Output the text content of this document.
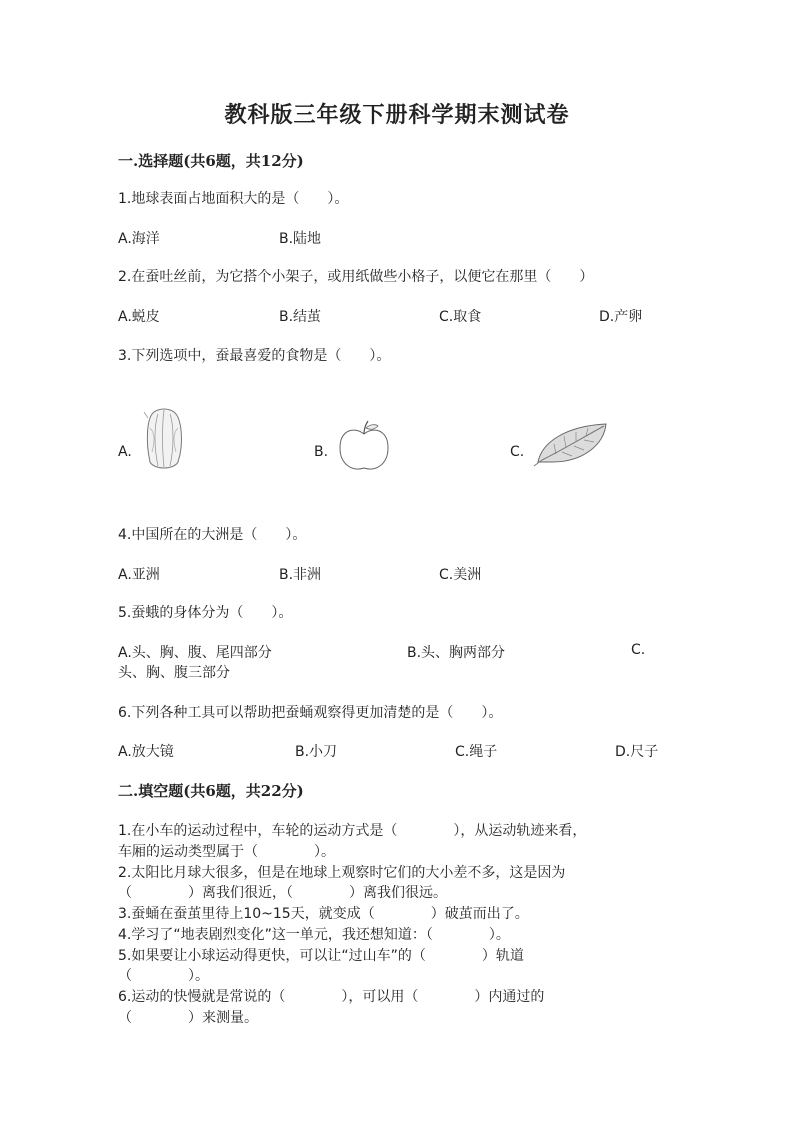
教科版三年级下册科学期末测试卷
一.选择题(共6题，共12分)
1.地球表面占地面积大的是（　　）。
A.海洋	B.陆地
2.在蚕吐丝前，为它搭个小架子，或用纸做些小格子，以便它在那里（　　）
A.蜕皮	B.结茧	C.取食	D.产卵
3.下列选项中，蚕最喜爱的食物是（　　）。
A.	B.	C.
4.中国所在的大洲是（　　）。
A.亚洲	B.非洲	C.美洲
5.蚕蛾的身体分为（　　）。
A.头、胸、腹、尾四部分	B.头、胸两部分	C.
头、胸、腹三部分
6.下列各种工具可以帮助把蚕蛹观察得更加清楚的是（　　）。
A.放大镜	B.小刀	C.绳子	D.尺子
二.填空题(共6题，共22分)
1.在小车的运动过程中，车轮的运动方式是（　　　　），从运动轨迹来看，
车厢的运动类型属于（　　　　）。
2.太阳比月球大很多，但是在地球上观察时它们的大小差不多，这是因为
（　　　　）离我们很近，（　　　　）离我们很远。
3.蚕蛹在蚕茧里待上10~15天，就变成（　　　　）破茧而出了。
4.学习了“地表剧烈变化”这一单元，我还想知道：（　　　　）。
5.如果要让小球运动得更快，可以让“过山车”的（　　　　）轨道
（　　　　）。
6.运动的快慢就是常说的（　　　　），可以用（　　　　）内通过的
（　　　　）来测量。
